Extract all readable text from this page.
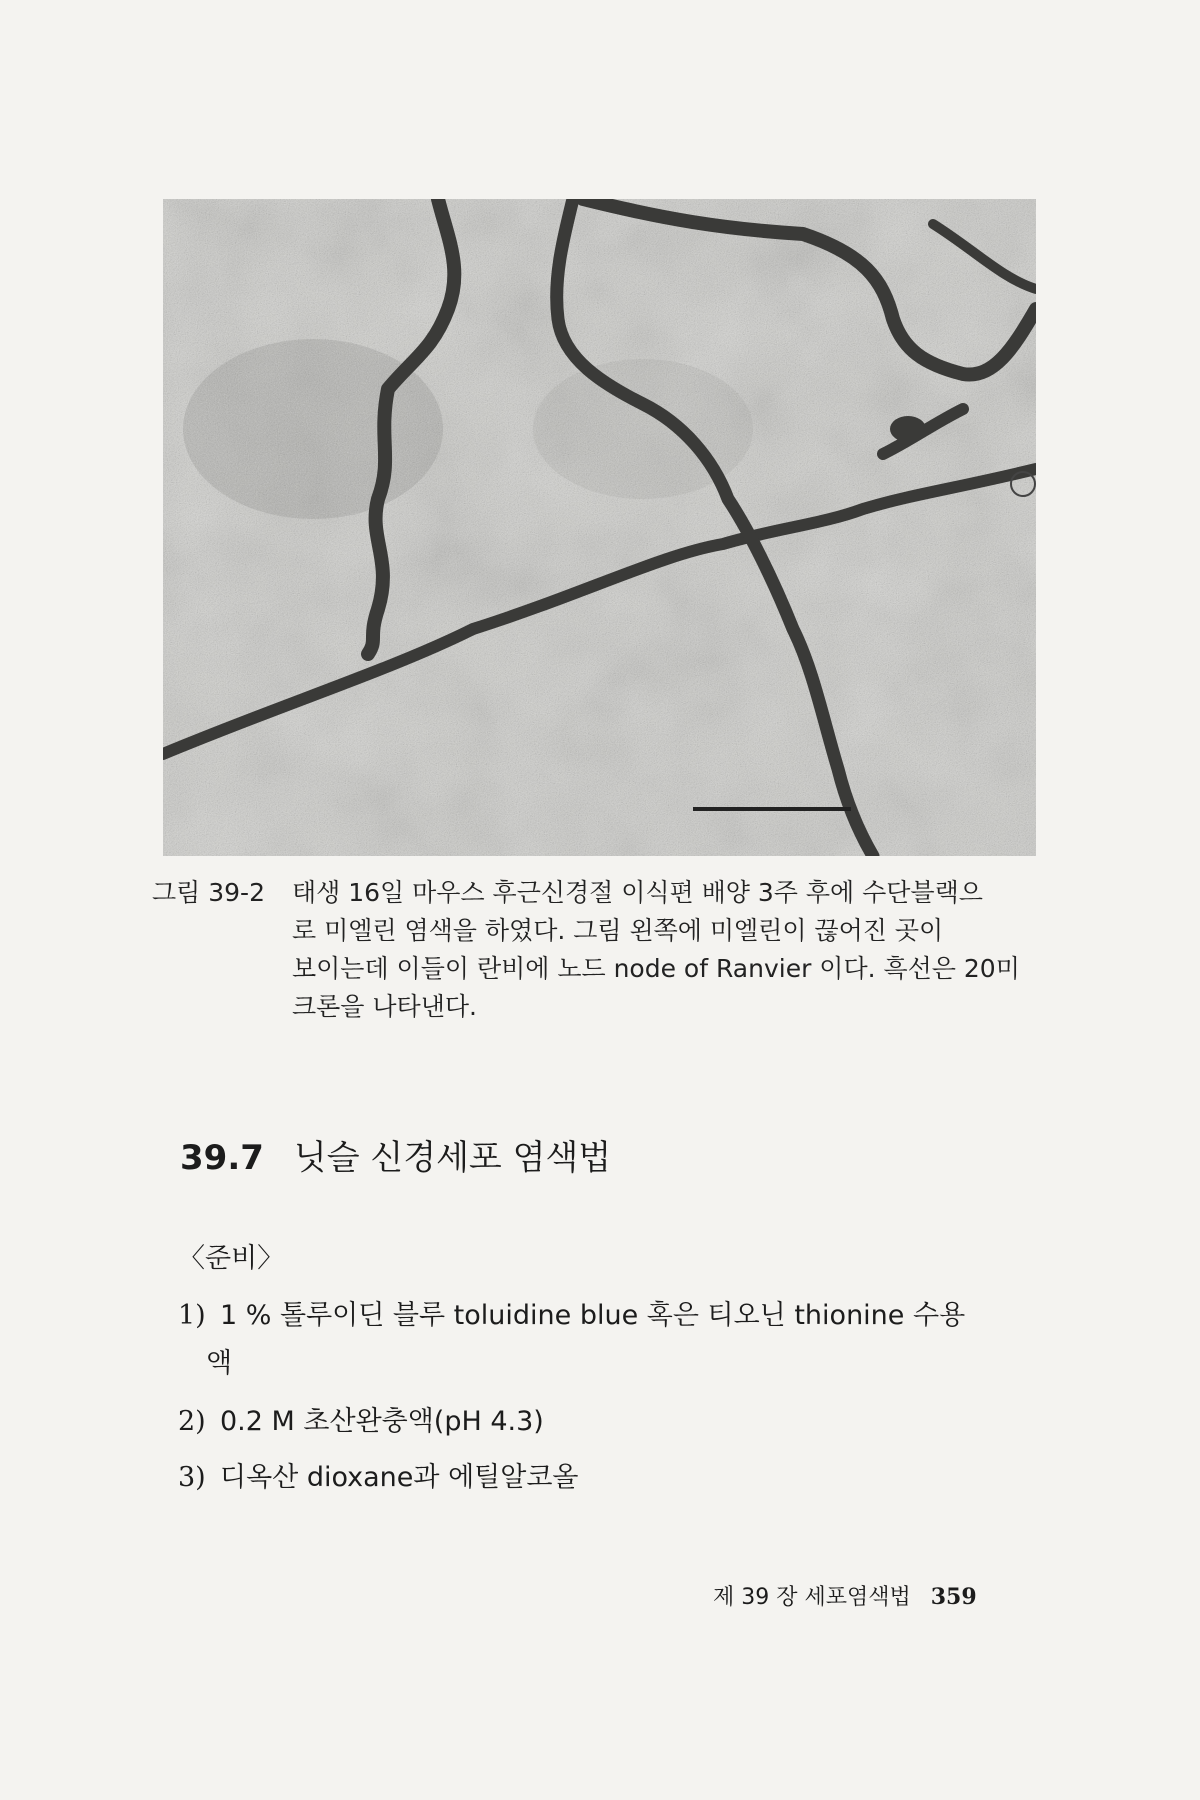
그림 39-2	태생 16일 마우스 후근신경절 이식편 배양 3주 후에 수단블랙으
로 미엘린 염색을 하였다. 그림 왼쪽에 미엘린이 끊어진 곳이
보이는데 이들이 란비에 노드 node of Ranvier 이다. 흑선은 20미
크론을 나타낸다.
39.7 닛슬 신경세포 염색법
〈준비〉
1) 1 % 톨루이딘 블루 toluidine blue 혹은 티오닌 thionine 수용
액
2) 0.2 M 초산완충액(pH 4.3)
3) 디옥산 dioxane과 에틸알코올
제 39 장 세포염색법 359
